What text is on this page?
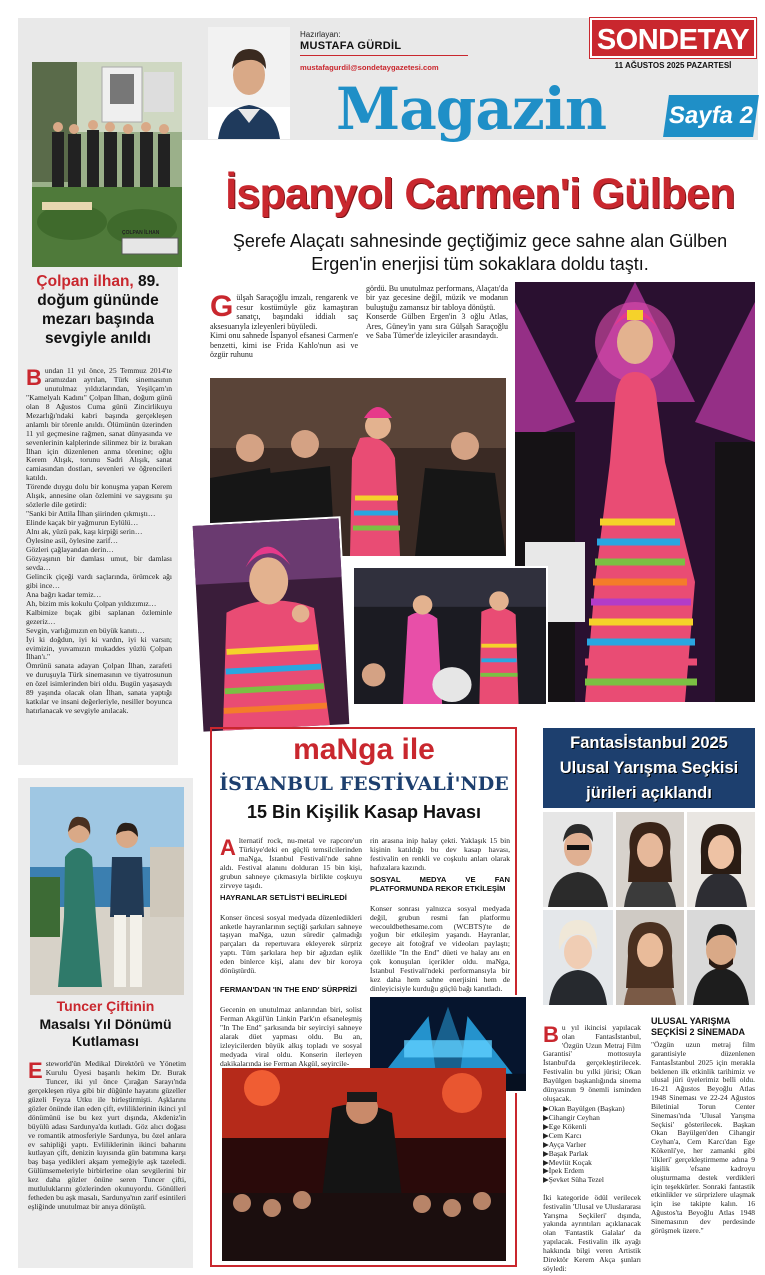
Hazırlayan:
MUSTAFA GÜRDİL
mustafagurdil@sondetaygazetesi.com
SONDETAY
11 AĞUSTOS 2025 PAZARTESİ
Magazin	Sayfa 2
ÇOLPAN İLHAN
Çolpan ilhan, 89. doğum gününde mezarı başında sevgiyle anıldı

Bundan 11 yıl önce, 25 Temmuz 2014'te aramızdan ayrılan, Türk sinemasının unutulmaz yıldızlarından, Yeşilçam'ın "Kamelyalı Kadını" Çolpan İlhan, doğum günü olan 8 Ağustos Cuma günü Zincirlikuyu Mezarlığı'ndaki kabri başında gerçekleşen anlamlı bir törenle anıldı. Ölümünün üzerinden 11 yıl geçmesine rağmen, sanat dünyasında ve sevenlerinin kalplerinde silinmez bir iz bırakan İlhan için düzenlenen anma törenine; oğlu Kerem Alışık, torunu Sadri Alışık, sanat camiasından dostları, sevenleri ve öğrencileri katıldı.
Törende duygu dolu bir konuşma yapan Kerem Alışık, annesine olan özlemini ve saygısını şu sözlerle dile getirdi:
"Sanki bir Attila İlhan şiirinden çıkmıştı…
Elinde kaçak bir yağmurun Eylülü…
Alnı ak, yüzü pak, kaşı kirpiği serin…
Öylesine asil, öylesine zarif…
Gözleri çağlayandan derin…
Gözyaşının bir damlası umut, bir damlası sevda…
Gelincik çiçeği vardı saçlarında, örümcek ağı gibi ince…
Ana bağrı kadar temiz…
Ah, bizim mis kokulu Çolpan yıldızımız…
Kalbimize bıçak gibi saplanan özleminle gezeriz…
Sevgin, varlığımızın en büyük kanıtı…
İyi ki doğdun, iyi ki vardın, iyi ki varsın; evimizin, yuvamızın mukaddes yüzlü Çolpan İlhan'ı."
Ömrünü sanata adayan Çolpan İlhan, zarafeti ve duruşuyla Türk sinemasının ve tiyatrosunun en özel isimlerinden biri oldu. Bugün yaşasaydı 89 yaşında olacak olan İlhan, sanata yaptığı katkılar ve insani değerleriyle, nesiller boyunca hatırlanacak ve sevgiyle anılacak.

Tuncer Çiftinin
Masalsı Yıl Dönümü Kutlaması

Esteworld'ün Medikal Direktörü ve Yönetim Kurulu Üyesi başarılı hekim Dr. Burak Tuncer, iki yıl önce Çırağan Sarayı'nda gerçekleşen rüya gibi bir düğünle hayatını güzeller güzeli Feyza Utku ile birleştirmişti. Aşklarını gözler önünde ilan eden çift, evliliklerinin ikinci yıl dönümünü ise bu kez yurt dışında, Akdeniz'in büyülü adası Sardunya'da kutladı. Göz alıcı doğası ve romantik atmosferiyle Sardunya, bu özel anlara ev sahipliği yaptı. Evliliklerinin ikinci baharını kutlayan çift, denizin kıyısında gün batımına karşı baş başa yedikleri akşam yemeğiyle aşk tazeledi. Gülümsemeleriyle birbirlerine olan sevgilerini bir kez daha gözler önüne seren Tuncer çifti, mutluluklarını gözlerinden okunuyordu. Gönülleri fetheden bu aşk masalı, Sardunya'nın zarif esintileri eşliğinde unutulmaz bir anıya dönüştü.

İspanyol Carmen'i Gülben
Şerefe Alaçatı sahnesinde geçtiğimiz gece sahne alan Gülben Ergen'in enerjisi tüm sokaklara doldu taştı.

Gülşah Saraçoğlu imzalı, rengarenk ve cesur kostümüyle göz kamaştıran sanatçı, başındaki iddialı saç aksesuarıyla izleyenleri büyüledi.
Kimi onu sahnede İspanyol efsanesi Carmen'e benzetti, kimi ise Frida Kahlo'nun asi ve özgür ruhunu

gördü. Bu unutulmaz performans, Alaçatı'da bir yaz gecesine değil, müzik ve modanın buluştuğu zamansız bir tabloya dönüştü.
Konserde Gülben Ergen'in 3 oğlu Atlas, Ares, Güney'in yanı sıra Gülşah Saraçoğlu ve Saba Tümer'de izleyiciler arasındaydı.
maNga ile
İSTANBUL FESTİVALİ'NDE
15 Bin Kişilik Kasap Havası

Alternatif rock, nu-metal ve rapcore'un Türkiye'deki en güçlü temsilcilerinden maNga, İstanbul Festivali'nde sahne aldı. Festival alanını dolduran 15 bin kişi, grubun sahneye çıkmasıyla birlikte coşkuyu zirveye taşıdı.

HAYRANLAR SETLİST'İ BELİRLEDİ

Konser öncesi sosyal medyada düzenledikleri anketle hayranlarının seçtiği şarkıları sahneye taşıyan maNga, uzun süredir çalmadığı parçaları da repertuvara ekleyerek sürpriz yaptı. Tüm şarkılara hep bir ağızdan eşlik eden binlerce kişi, alanı dev bir koroya dönüştürdü.

FERMAN'DAN 'IN THE END' SÜRPRİZİ

Gecenin en unutulmaz anlarından biri, solist Ferman Akgül'ün Linkin Park'ın efsaneleşmiş "In The End" şarkısında bir seyirciyi sahneye alarak düet yapması oldu. Bu an, izleyicilerden büyük alkış topladı ve sosyal medyada viral oldu. Konserin ilerleyen dakikalarında ise Ferman Akgül, seyircile-

rin arasına inip halay çekti. Yaklaşık 15 bin kişinin katıldığı bu dev kasap havası, festivalin en renkli ve coşkulu anları olarak hafızalara kazındı.

SOSYAL MEDYA VE FAN PLATFORMUNDA REKOR ETKİLEŞİM

Konser sonrası yalnızca sosyal medyada değil, grubun resmi fan platformu wecouldbethesame.com (WCBTS)'te de yoğun bir etkileşim yaşandı. Hayranlar, geceye ait fotoğraf ve videoları paylaştı; özellikle "In the End" düeti ve halay anı en çok konuşulan içerikler oldu. maNga, İstanbul Festivali'ndeki performansıyla bir kez daha hem sahne enerjisini hem de dinleyicisiyle kurduğu güçlü bağı kanıtladı.

Fantasİstanbul 2025 Ulusal Yarışma Seçkisi jürileri açıklandı

Bu yıl ikincisi yapılacak olan Fantasİstanbul, 'Özgün Uzun Metraj Film Garantisi' mottosuyla İstanbul'da gerçekleştirilecek. Festivalin bu yılki jürisi; Okan Bayülgen başkanlığında sinema dünyasının 9 önemli isminden oluşacak.

▶Okan Bayülgen (Başkan)
▶Cihangir Ceyhan
▶Ege Kökenli
▶Cem Karcı
▶Ayça Varlıer
▶Başak Parlak
▶Mevlüt Koçak
▶İpek Erdem
▶Şevket Süha Tezel

İki kategoride ödül verilecek festivalin 'Ulusal ve Uluslararası Yarışma Seçkileri' dışında, yakında ayrıntıları açıklanacak olan 'Fantastik Galalar' da yapılacak. Festivalin ilk ayağı hakkında bilgi veren Artistik Direktör Kerem Akça şunları söyledi:

ULUSAL YARIŞMA SEÇKİSİ 2 SİNEMADA
"Özgün uzun metraj film garantisiyle düzenlenen Fantasİstanbul 2025 için merakla beklenen ilk etkinlik tarihimiz ve ulusal jüri üyelerimiz belli oldu. 16-21 Ağustos Beyoğlu Atlas 1948 Sineması ve 22-24 Ağustos Biletinial Torun Center Sineması'nda 'Ulusal Yarışma Seçkisi' gösterilecek. Başkan Okan Bayülgen'den Cihangir Ceyhan'a, Cem Karcı'dan Ege Kökenli'ye, her zamanki gibi 'ilkleri' gerçekleştirmeme adına 9 kişilik 'efsane kadroyu oluşturmama destek verdikleri için teşekkürler. Sonraki fantastik etkinlikler ve sürprizlere ulaşmak için ise takipte kalın. 16 Ağustos'ta Beyoğlu Atlas 1948 Sinemasının dev perdesinde görüşmek üzere."
